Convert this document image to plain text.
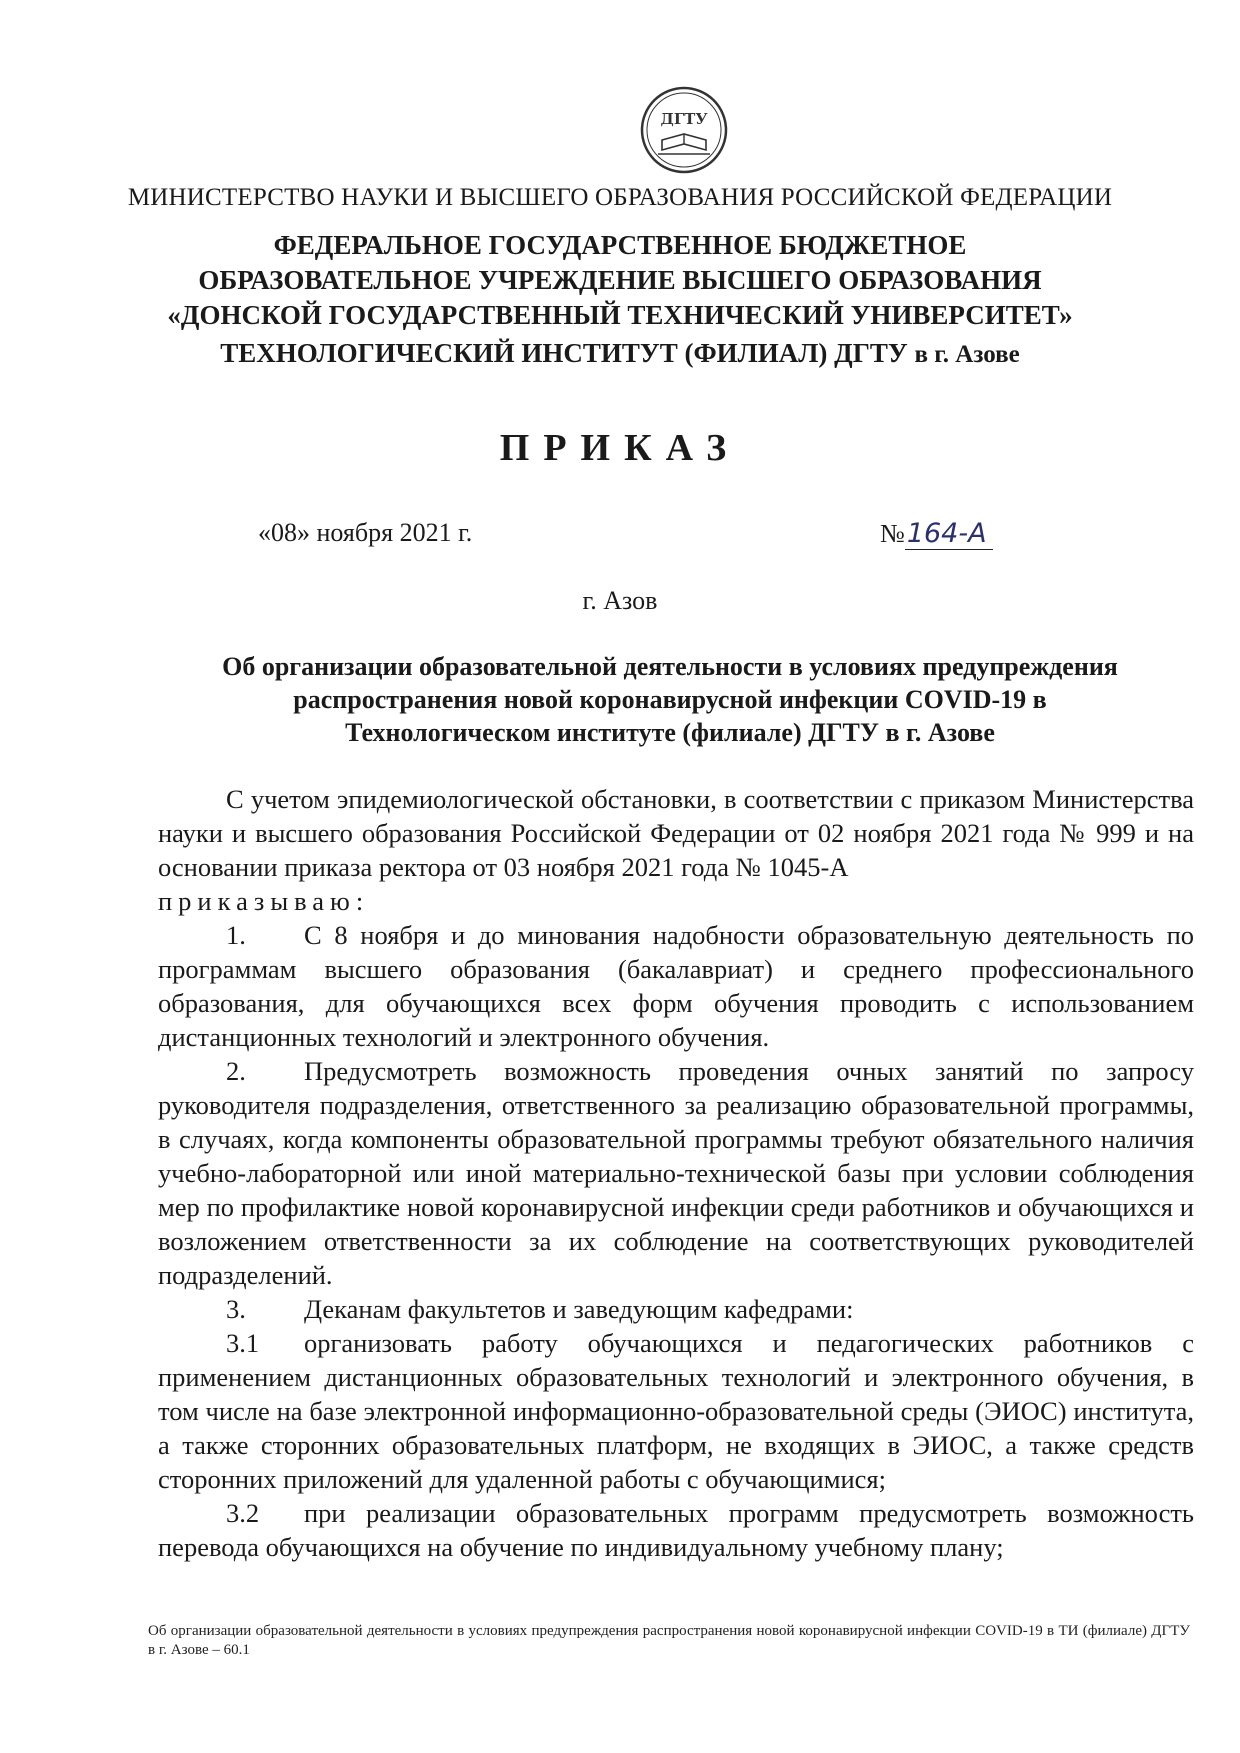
ДГТУ
МИНИСТЕРСТВО НАУКИ И ВЫСШЕГО ОБРАЗОВАНИЯ РОССИЙСКОЙ ФЕДЕРАЦИИ
ФЕДЕРАЛЬНОЕ ГОСУДАРСТВЕННОЕ БЮДЖЕТНОЕ
ОБРАЗОВАТЕЛЬНОЕ УЧРЕЖДЕНИЕ ВЫСШЕГО ОБРАЗОВАНИЯ
«ДОНСКОЙ ГОСУДАРСТВЕННЫЙ ТЕХНИЧЕСКИЙ УНИВЕРСИТЕТ»
ТЕХНОЛОГИЧЕСКИЙ ИНСТИТУТ (ФИЛИАЛ) ДГТУ в г. Азове
ПРИКАЗ
«08» ноября 2021 г.	№164-А
г. Азов
Об организации образовательной деятельности в условиях предупреждения
распространения новой коронавирусной инфекции COVID-19 в
Технологическом институте (филиале) ДГТУ в г. Азове

С учетом эпидемиологической обстановки, в соответствии с приказом Министерства науки и высшего образования Российской Федерации от 02 ноября 2021 года № 999 и на основании приказа ректора от 03 ноября 2021 года № 1045-А

приказываю:

1. С 8 ноября и до минования надобности образовательную деятельность по программам высшего образования (бакалавриат) и среднего профессионального образования, для обучающихся всех форм обучения проводить с использованием дистанционных технологий и электронного обучения.

2. Предусмотреть возможность проведения очных занятий по запросу руководителя подразделения, ответственного за реализацию образовательной программы, в случаях, когда компоненты образовательной программы требуют обязательного наличия учебно-лабораторной или иной материально-технической базы при условии соблюдения мер по профилактике новой коронавирусной инфекции среди работников и обучающихся и возложением ответственности за их соблюдение на соответствующих руководителей подразделений.

3. Деканам факультетов и заведующим кафедрами:

3.1 организовать работу обучающихся и педагогических работников с применением дистанционных образовательных технологий и электронного обучения, в том числе на базе электронной информационно-образовательной среды (ЭИОС) института, а также сторонних образовательных платформ, не входящих в ЭИОС, а также средств сторонних приложений для удаленной работы с обучающимися;

3.2 при реализации образовательных программ предусмотреть возможность перевода обучающихся на обучение по индивидуальному учебному плану;

Об организации образовательной деятельности в условиях предупреждения распространения новой коронавирусной инфекции COVID-19 в ТИ (филиале) ДГТУ в г. Азове – 60.1
